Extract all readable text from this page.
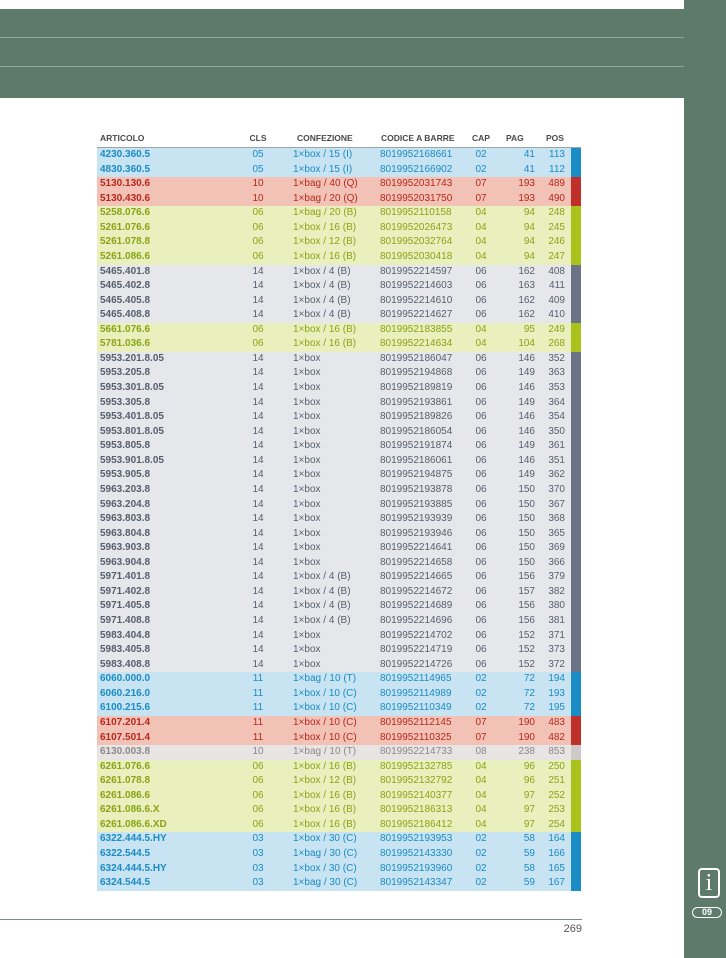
i
09
ARTICOLO	CLS	CONFEZIONE	CODICE A BARRE CAP PAG	POS
4230.360.5	05	1×box / 15 (I)	8019952168661	02	41	113
4830.360.5	05	1×box / 15 (I)	8019952166902	02	41	112
5130.130.6	10	1×bag / 40 (Q) 8019952031743	07	193	489
5130.430.6	10	1×bag / 20 (Q) 8019952031750	07	193	490
5258.076.6	06	1×bag / 20 (B) 8019952110158	04	94	248
5261.076.6	06	1×box / 16 (B) 8019952026473	04	94	245
5261.078.8	06	1×box / 12 (B) 8019952032764	04	94	246
5261.086.6	06	1×box / 16 (B) 8019952030418	04	94	247
5465.401.8	14	1×box / 4 (B)	8019952214597	06	162	408
5465.402.8	14	1×box / 4 (B)	8019952214603	06	163	411
5465.405.8	14	1×box / 4 (B)	8019952214610	06	162	409
5465.408.8	14	1×box / 4 (B)	8019952214627	06	162	410
5661.076.6	06	1×box / 16 (B) 8019952183855	04	95	249
5781.036.6	06	1×box / 16 (B) 8019952214634	04	104	268
5953.201.8.05	14	1×box	8019952186047	06	146	352
5953.205.8	14	1×box	8019952194868	06	149	363
5953.301.8.05	14	1×box	8019952189819	06	146	353
5953.305.8	14	1×box	8019952193861	06	149	364
5953.401.8.05	14	1×box	8019952189826	06	146	354
5953.801.8.05	14	1×box	8019952186054	06	146	350
5953.805.8	14	1×box	8019952191874	06	149	361
5953.901.8.05	14	1×box	8019952186061	06	146	351
5953.905.8	14	1×box	8019952194875	06	149	362
5963.203.8	14	1×box	8019952193878	06	150	370
5963.204.8	14	1×box	8019952193885	06	150	367
5963.803.8	14	1×box	8019952193939	06	150	368
5963.804.8	14	1×box	8019952193946	06	150	365
5963.903.8	14	1×box	8019952214641	06	150	369
5963.904.8	14	1×box	8019952214658	06	150	366
5971.401.8	14	1×box / 4 (B)	8019952214665	06	156	379
5971.402.8	14	1×box / 4 (B)	8019952214672	06	157	382
5971.405.8	14	1×box / 4 (B)	8019952214689	06	156	380
5971.408.8	14	1×box / 4 (B)	8019952214696	06	156	381
5983.404.8	14	1×box	8019952214702	06	152	371
5983.405.8	14	1×box	8019952214719	06	152	373
5983.408.8	14	1×box	8019952214726	06	152	372
6060.000.0	11	1×bag / 10 (T) 8019952114965	02	72	194
6060.216.0	11	1×box / 10 (C) 8019952114989	02	72	193
6100.215.6	11	1×box / 10 (C) 8019952110349	02	72	195
6107.201.4	11	1×box / 10 (C) 8019952112145	07	190	483
6107.501.4	11	1×box / 10 (C) 8019952110325	07	190	482
6130.003.8	10	1×bag / 10 (T) 8019952214733	08	238	853
6261.076.6	06	1×box / 16 (B) 8019952132785	04	96	250
6261.078.8	06	1×box / 12 (B) 8019952132792	04	96	251
6261.086.6	06	1×box / 16 (B) 8019952140377	04	97	252
6261.086.6.X	06	1×box / 16 (B) 8019952186313	04	97	253
6261.086.6.XD	06	1×box / 16 (B) 8019952186412	04	97	254
6322.444.5.HY	03	1×box / 30 (C) 8019952193953	02	58	164
6322.544.5	03	1×bag / 30 (C) 8019952143330	02	59	166
6324.444.5.HY	03	1×box / 30 (C) 8019952193960	02	58	165
6324.544.5	03	1×bag / 30 (C) 8019952143347	02	59	167
269
